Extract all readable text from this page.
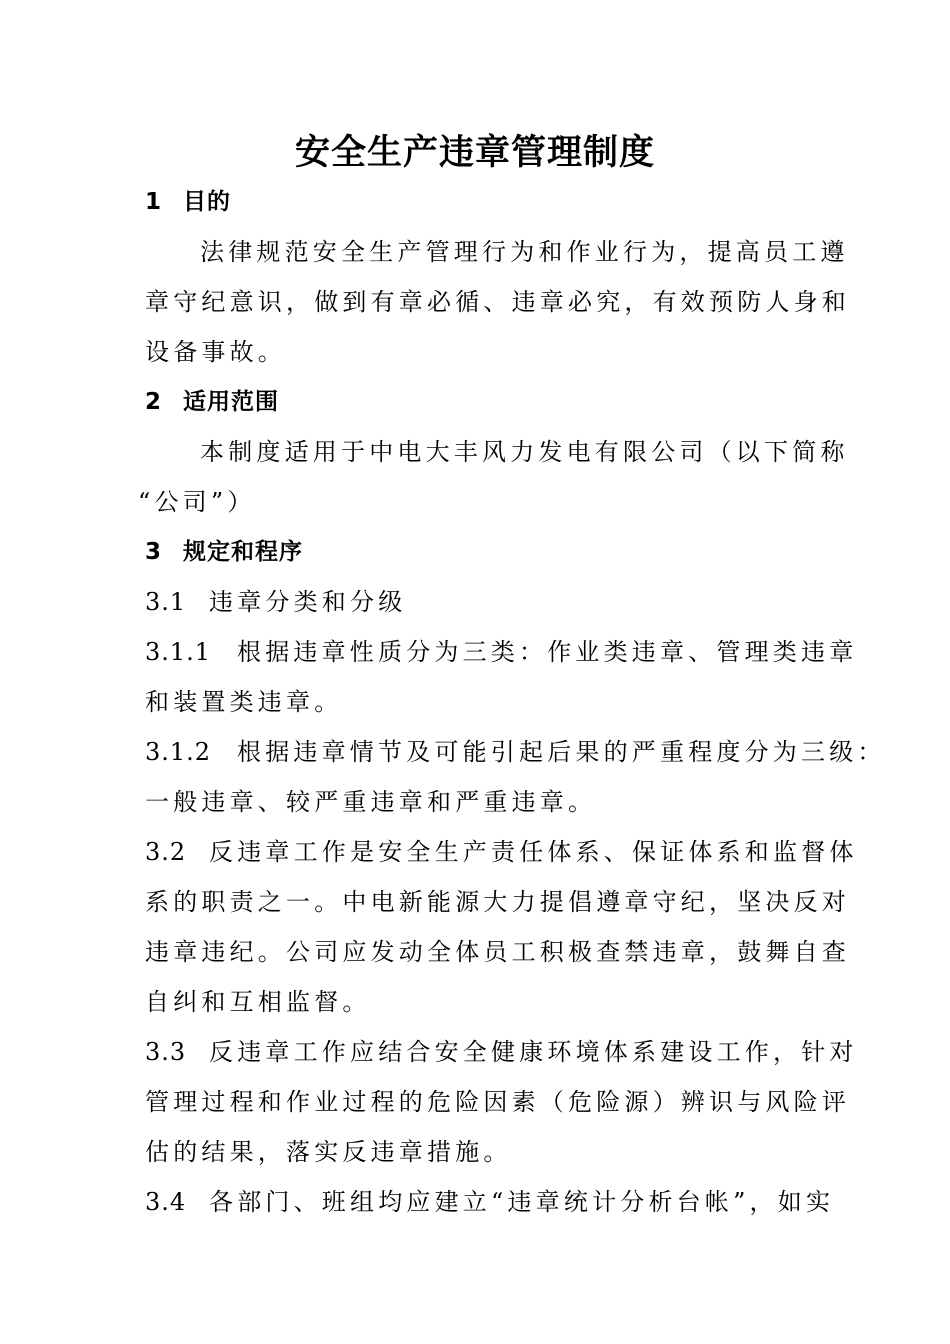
安全生产违章管理制度
1 目的
法律规范安全生产管理行为和作业行为，提高员工遵
章守纪意识，做到有章必循、违章必究，有效预防人身和
设备事故。
2 适用范围
本制度适用于中电大丰风力发电有限公司（以下简称
“公司”）
3 规定和程序
3.1 违章分类和分级
3.1.1 根据违章性质分为三类：作业类违章、管理类违章
和装置类违章。
3.1.2 根据违章情节及可能引起后果的严重程度分为三级：
一般违章、较严重违章和严重违章。
3.2 反违章工作是安全生产责任体系、保证体系和监督体
系的职责之一。中电新能源大力提倡遵章守纪，坚决反对
违章违纪。公司应发动全体员工积极查禁违章，鼓舞自查
自纠和互相监督。
3.3 反违章工作应结合安全健康环境体系建设工作，针对
管理过程和作业过程的危险因素（危险源）辨识与风险评
估的结果，落实反违章措施。
3.4 各部门、班组均应建立“违章统计分析台帐”，如实
